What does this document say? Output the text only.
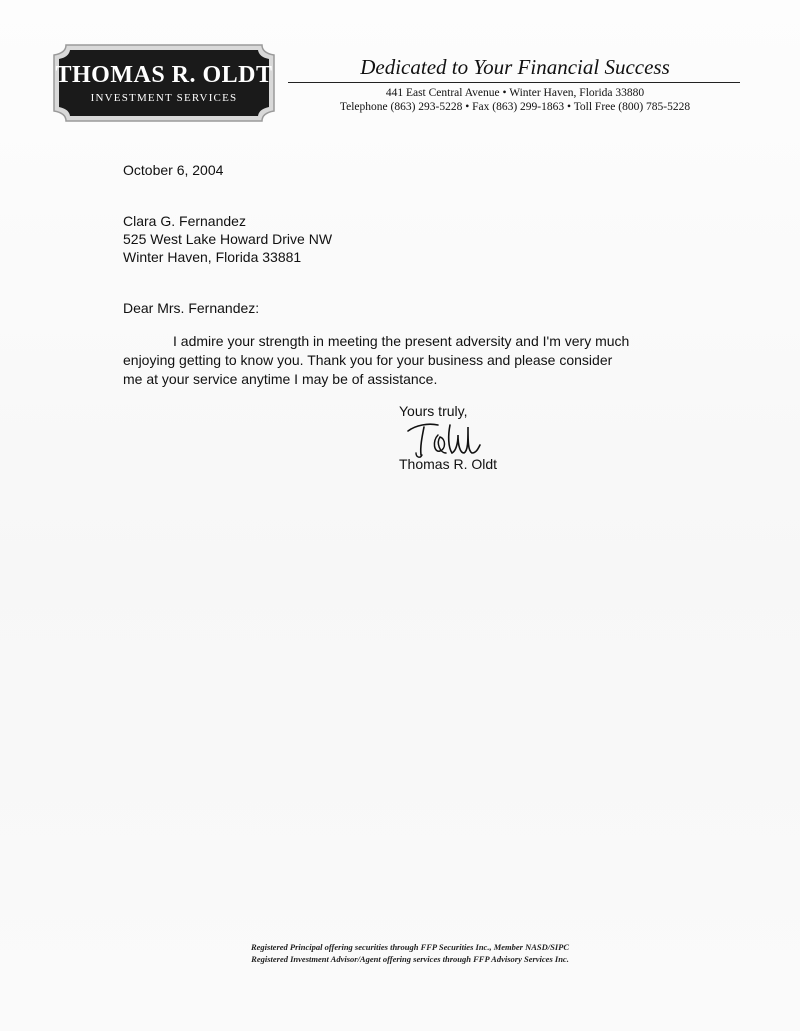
THOMAS R. OLDT
INVESTMENT SERVICES
Dedicated to Your Financial Success
441 East Central Avenue • Winter Haven, Florida 33880
Telephone (863) 293-5228 • Fax (863) 299-1863 • Toll Free (800) 785-5228
October 6, 2004
Clara G. Fernandez
525 West Lake Howard Drive NW
Winter Haven, Florida 33881
Dear Mrs. Fernandez:
I admire your strength in meeting the present adversity and I'm very much
enjoying getting to know you. Thank you for your business and please consider
me at your service anytime I may be of assistance.
Yours truly,
Thomas R. Oldt
Registered Principal offering securities through FFP Securities Inc., Member NASD/SIPC
Registered Investment Advisor/Agent offering services through FFP Advisory Services Inc.
